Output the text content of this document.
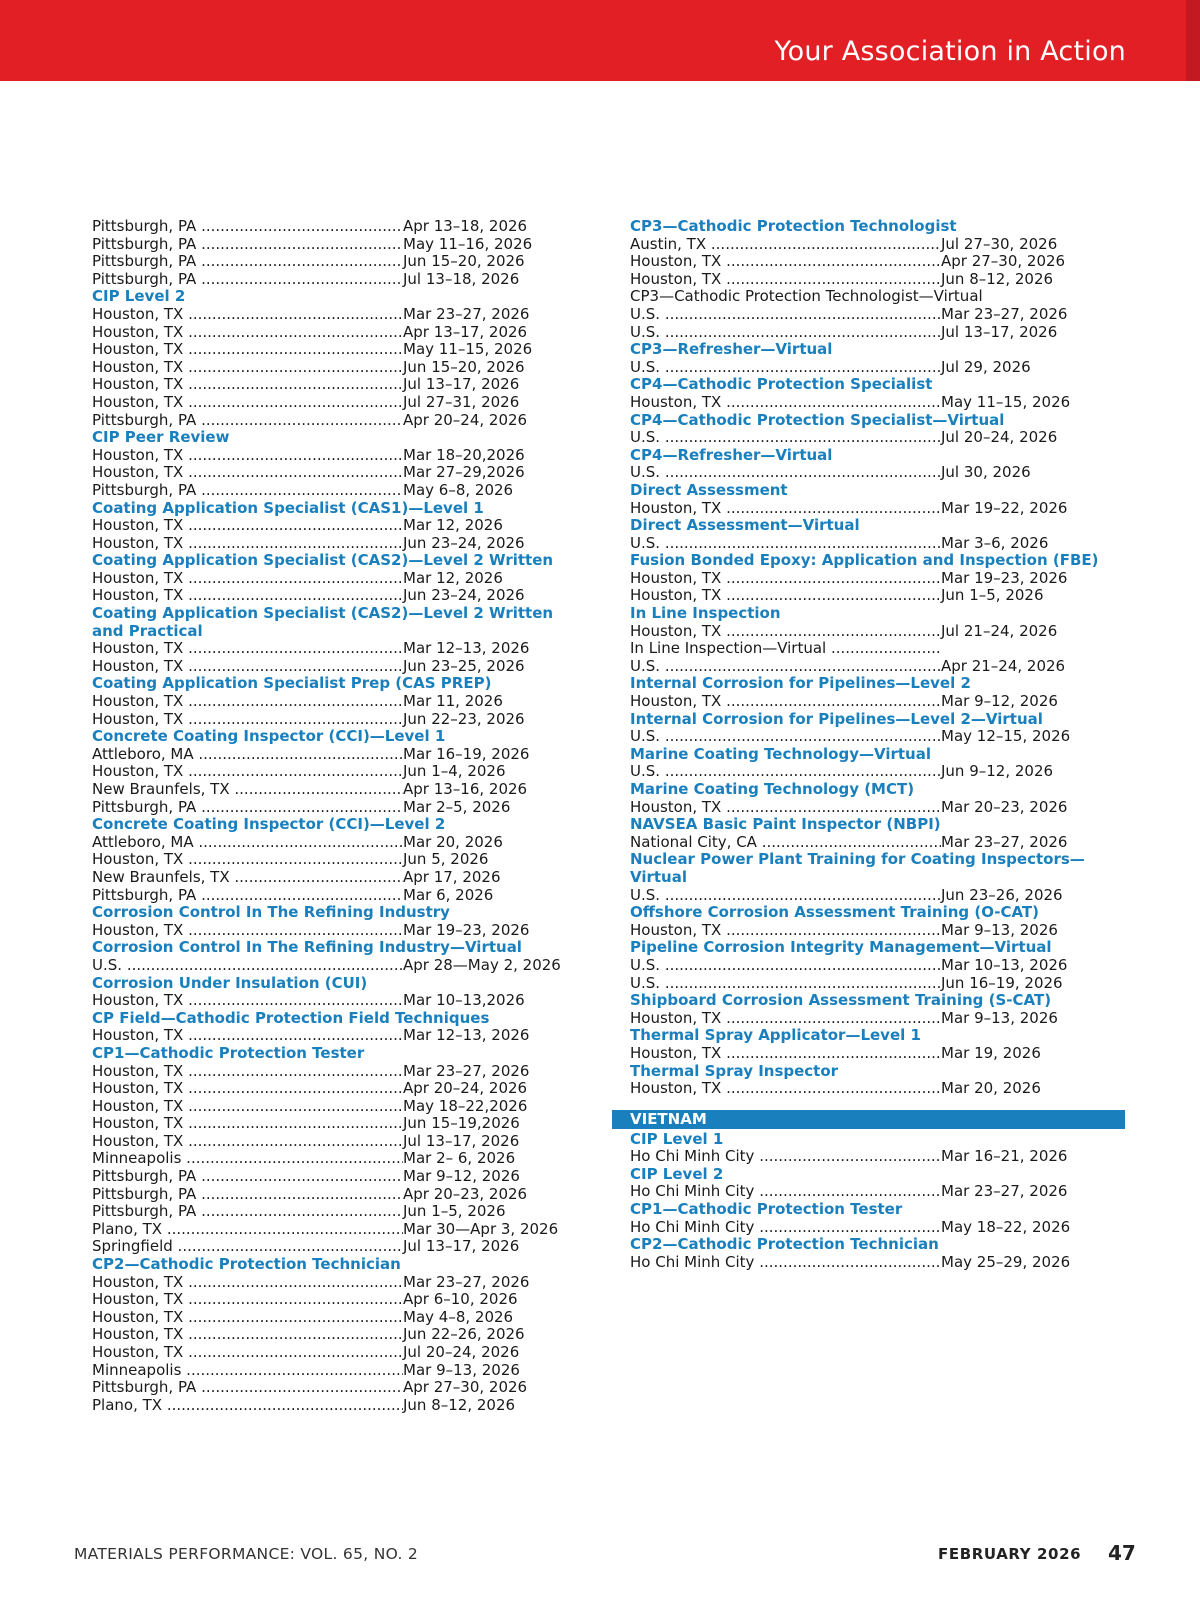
Your Association in Action
Pittsburgh, PA .....	Apr 13–18, 2026
Pittsburgh, PA .....	May 11–16, 2026
Pittsburgh, PA .....	Jun 15–20, 2026
Pittsburgh, PA .....	Jul 13–18, 2026
CIP Level 2
Houston, TX .....	Mar 23–27, 2026
Houston, TX .....	Apr 13–17, 2026
Houston, TX .....	May 11–15, 2026
Houston, TX .....	Jun 15–20, 2026
Houston, TX .....	Jul 13–17, 2026
Houston, TX .....	Jul 27–31, 2026
Pittsburgh, PA .....	Apr 20–24, 2026
CIP Peer Review
Houston, TX .....	Mar 18–20,2026
Houston, TX .....	Mar 27–29,2026
Pittsburgh, PA .....	May 6–8, 2026
Coating Application Specialist (CAS1)—Level 1
Houston, TX .....	Mar 12, 2026
Houston, TX .....	Jun 23–24, 2026
Coating Application Specialist (CAS2)—Level 2 Written
Houston, TX .....	Mar 12, 2026
Houston, TX .....	Jun 23–24, 2026
Coating Application Specialist (CAS2)—Level 2 Written and Practical
Houston, TX .....	Mar 12–13, 2026
Houston, TX .....	Jun 23–25, 2026
Coating Application Specialist Prep (CAS PREP)
Houston, TX .....	Mar 11, 2026
Houston, TX .....	Jun 22–23, 2026
Concrete Coating Inspector (CCI)—Level 1
Attleboro, MA .....	Mar 16–19, 2026
Houston, TX .....	Jun 1–4, 2026
New Braunfels, TX .....	Apr 13–16, 2026
Pittsburgh, PA .....	Mar 2–5, 2026
Concrete Coating Inspector (CCI)—Level 2
Attleboro, MA .....	Mar 20, 2026
Houston, TX .....	Jun 5, 2026
New Braunfels, TX .....	Apr 17, 2026
Pittsburgh, PA .....	Mar 6, 2026
Corrosion Control In The Refining Industry
Houston, TX .....	Mar 19–23, 2026
Corrosion Control In The Refining Industry—Virtual
U.S. .....	Apr 28—May 2, 2026
Corrosion Under Insulation (CUI)
Houston, TX .....	Mar 10–13,2026
CP Field—Cathodic Protection Field Techniques
Houston, TX .....	Mar 12–13, 2026
CP1—Cathodic Protection Tester
Houston, TX .....	Mar 23–27, 2026
Houston, TX .....	Apr 20–24, 2026
Houston, TX .....	May 18–22,2026
Houston, TX .....	Jun 15–19,2026
Houston, TX .....	Jul 13–17, 2026
Minneapolis .....	Mar 2– 6, 2026
Pittsburgh, PA .....	Mar 9–12, 2026
Pittsburgh, PA .....	Apr 20–23, 2026
Pittsburgh, PA .....	Jun 1–5, 2026
Plano, TX .....	Mar 30—Apr 3, 2026
Springfield .....	Jul 13–17, 2026
CP2—Cathodic Protection Technician
Houston, TX .....	Mar 23–27, 2026
Houston, TX .....	Apr 6–10, 2026
Houston, TX .....	May 4–8, 2026
Houston, TX .....	Jun 22–26, 2026
Houston, TX .....	Jul 20–24, 2026
Minneapolis .....	Mar 9–13, 2026
Pittsburgh, PA .....	Apr 27–30, 2026
Plano, TX .....	Jun 8–12, 2026
CP3—Cathodic Protection Technologist
Austin, TX .....	Jul 27–30, 2026
Houston, TX .....	Apr 27–30, 2026
Houston, TX .....	Jun 8–12, 2026
CP3—Cathodic Protection Technologist—Virtual
U.S. .....	Mar 23–27, 2026
U.S. .....	Jul 13–17, 2026
CP3—Refresher—Virtual
U.S. .....	Jul 29, 2026
CP4—Cathodic Protection Specialist
Houston, TX .....	May 11–15, 2026
CP4—Cathodic Protection Specialist—Virtual
U.S. .....	Jul 20–24, 2026
CP4—Refresher—Virtual
U.S. .....	Jul 30, 2026
Direct Assessment
Houston, TX .....	Mar 19–22, 2026
Direct Assessment—Virtual
U.S. .....	Mar 3–6, 2026
Fusion Bonded Epoxy: Application and Inspection (FBE)
Houston, TX .....	Mar 19–23, 2026
Houston, TX .....	Jun 1–5, 2026
In Line Inspection
Houston, TX .....	Jul 21–24, 2026
In Line Inspection—Virtual .....
U.S. .....	Apr 21–24, 2026
Internal Corrosion for Pipelines—Level 2
Houston, TX .....	Mar 9–12, 2026
Internal Corrosion for Pipelines—Level 2—Virtual
U.S. .....	May 12–15, 2026
Marine Coating Technology—Virtual
U.S. .....	Jun 9–12, 2026
Marine Coating Technology (MCT)
Houston, TX .....	Mar 20–23, 2026
NAVSEA Basic Paint Inspector (NBPI)
National City, CA .....	Mar 23–27, 2026
Nuclear Power Plant Training for Coating Inspectors—Virtual
U.S. .....	Jun 23–26, 2026
Offshore Corrosion Assessment Training (O-CAT)
Houston, TX .....	Mar 9–13, 2026
Pipeline Corrosion Integrity Management—Virtual
U.S. .....	Mar 10–13, 2026
U.S. .....	Jun 16–19, 2026
Shipboard Corrosion Assessment Training (S-CAT)
Houston, TX .....	Mar 9–13, 2026
Thermal Spray Applicator—Level 1
Houston, TX .....	Mar 19, 2026
Thermal Spray Inspector
Houston, TX .....	Mar 20, 2026
VIETNAM
CIP Level 1
Ho Chi Minh City .....	Mar 16–21, 2026
CIP Level 2
Ho Chi Minh City .....	Mar 23–27, 2026
CP1—Cathodic Protection Tester
Ho Chi Minh City .....	May 18–22, 2026
CP2—Cathodic Protection Technician
Ho Chi Minh City .....	May 25–29, 2026
MATERIALS PERFORMANCE: VOL. 65, NO. 2	FEBRUARY 2026 47
